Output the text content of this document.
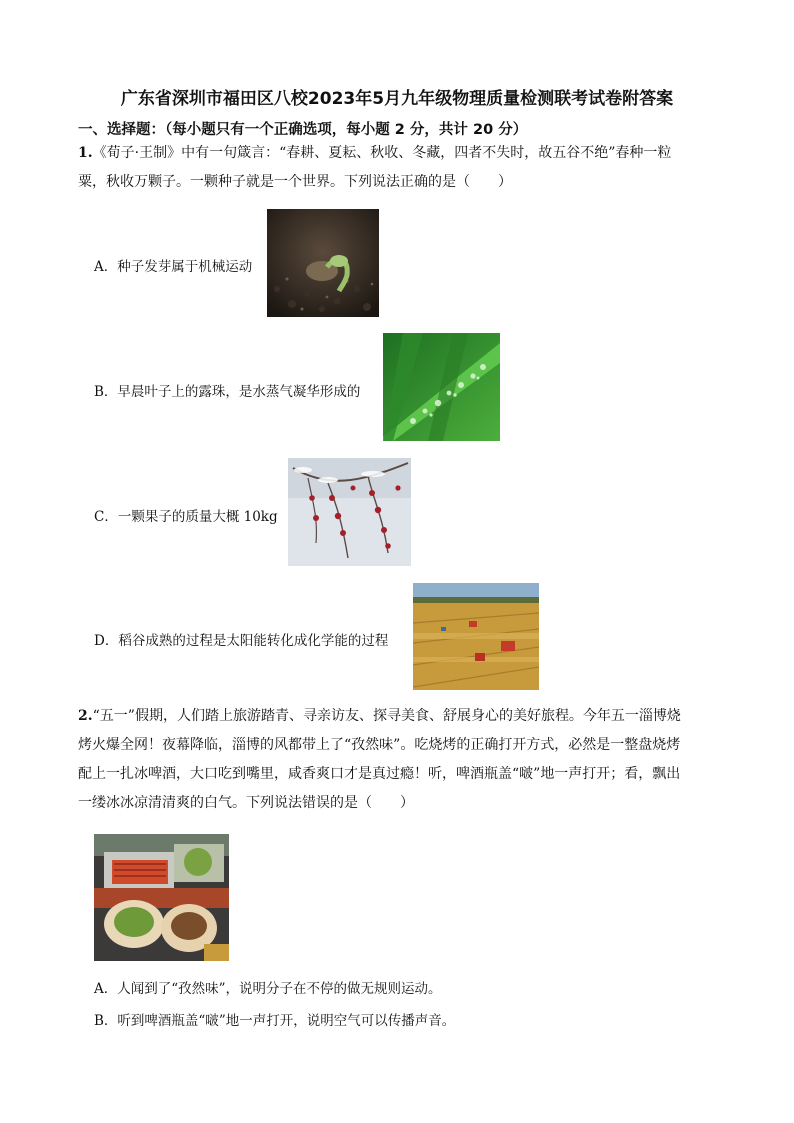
广东省深圳市福田区八校2023年5月九年级物理质量检测联考试卷附答案
一、选择题：（每小题只有一个正确选项，每小题 2 分，共计 20 分）
1.《荀子·王制》中有一句箴言：“春耕、夏耘、秋收、冬藏，四者不失时，故五谷不绝”春种一粒
粟，秋收万颗子。一颗种子就是一个世界。下列说法正确的是（　　）
A．种子发芽属于机械运动
B．早晨叶子上的露珠，是水蒸气凝华形成的
C．一颗果子的质量大概 10kg
D．稻谷成熟的过程是太阳能转化成化学能的过程
2.“五一”假期，人们踏上旅游踏青、寻亲访友、探寻美食、舒展身心的美好旅程。今年五一淄博烧
烤火爆全网！夜幕降临，淄博的风都带上了“孜然味”。吃烧烤的正确打开方式，必然是一整盘烧烤
配上一扎冰啤酒，大口吃到嘴里，咸香爽口才是真过瘾！听，啤酒瓶盖“啵”地一声打开；看，飘出
一缕冰冰凉清清爽的白气。下列说法错误的是（　　）
A．人闻到了“孜然味”，说明分子在不停的做无规则运动。
B．听到啤酒瓶盖“啵”地一声打开，说明空气可以传播声音。
